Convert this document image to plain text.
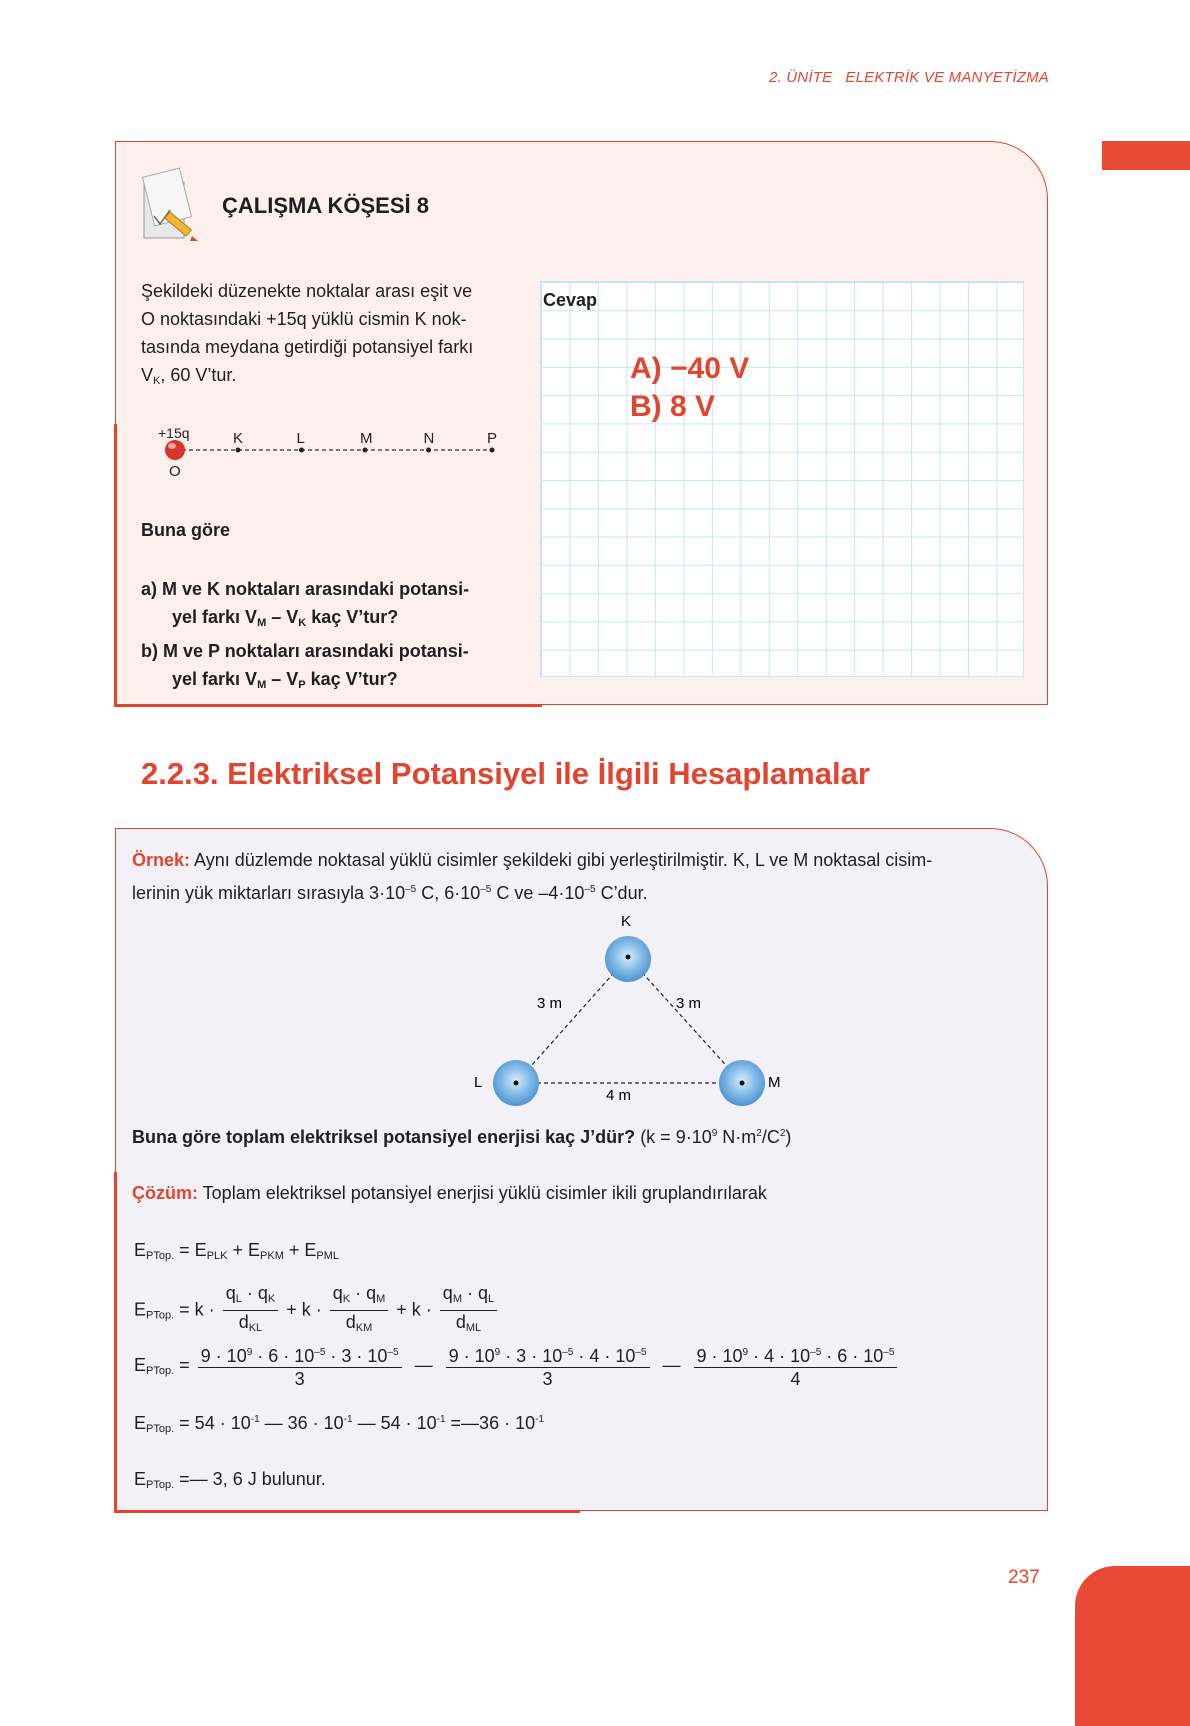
2. ÜNİTE ELEKTRİK VE MANYETİZMA
ÇALIŞMA KÖŞESİ 8
Şekildeki düzenekte noktalar arası eşit ve
O noktasındaki +15q yüklü cismin K nok-
tasında meydana getirdiği potansiyel farkı
$V_K$, 60 V’tur.
+15q
O
K	L	M	N	P
Buna göre
a) M ve K noktaları arasındaki potansi-
yel farkı $V_M - V_K$ kaç V’tur?
b) M ve P noktaları arasındaki potansi-
yel farkı $V_M - V_P$ kaç V’tur?
Cevap
A) −40 V
B) 8 V
2.2.3. Elektriksel Potansiyel ile İlgili Hesaplamalar
Örnek: Aynı düzlemde noktasal yüklü cisimler şekildeki gibi yerleştirilmiştir. K, L ve M noktasal cisim-
lerinin yük miktarları sırasıyla $3\cdot 10^{-5}$ C, $6\cdot 10^{-5}$ C ve $-4\cdot 10^{-5}$ C’dur.
K
L	M
3 m	3 m
4 m
Buna göre toplam elektriksel potansiyel enerjisi kaç J’dür? ($k = 9\cdot 10^9$ $N\cdot m^2/C^2$)
Çözüm: Toplam elektriksel potansiyel enerjisi yüklü cisimler ikili gruplandırılarak
$E_{PTop.} = E_{PLK} + E_{PKM} + E_{PML}$
$E_{PTop.} = k \cdot \frac{q_L \cdot q_K}{d_{KL}} + k \cdot \frac{q_K \cdot q_M}{d_{KM}} + k \cdot \frac{q_M \cdot q_L}{d_{ML}}$
$E_{PTop.} = \frac{9 \cdot 10^9 \cdot 6 \cdot 10^{-5} \cdot 3 \cdot 10^{-5}}{3}$ — $\frac{9 \cdot 10^9 \cdot 3 \cdot 10^{-5} \cdot 4 \cdot 10^{-5}}{3}$ — $\frac{9 \cdot 10^9 \cdot 4 \cdot 10^{-5} \cdot 6 \cdot 10^{-5}}{4}$
$E_{PTop.} = 54 \cdot 10^{-1}$ — $36 \cdot 10^{-1}$ — $54 \cdot 10^{-1}$ =—36 · $10^{-1}$
$E_{PTop.}$ =— 3, 6 J bulunur.
237
